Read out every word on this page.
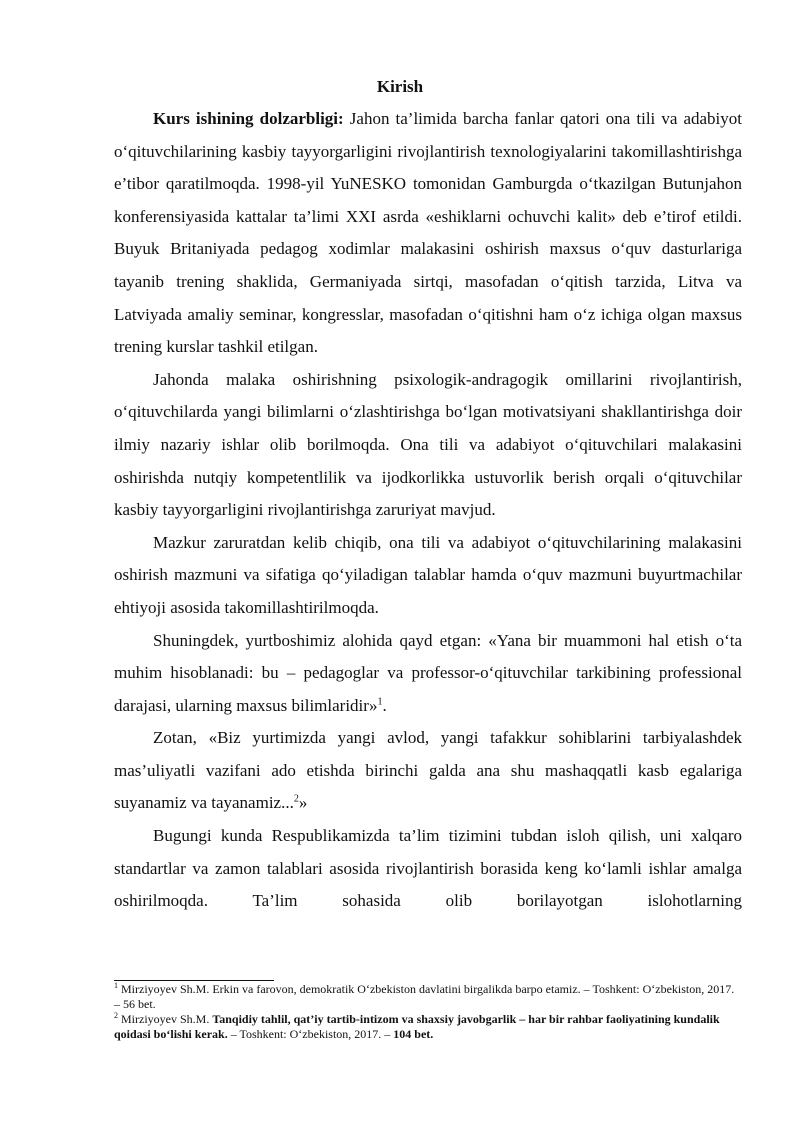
Kirish

Kurs ishining dolzarbligi: Jahon ta’limida barcha fanlar qatori ona tili va adabiyot o‘qituvchilarining kasbiy tayyorgarligini rivojlantirish texnologiyalarini takomillashtirishga e’tibor qaratilmoqda. 1998-yil YuNESKO tomonidan Gamburgda o‘tkazilgan Butunjahon konferensiyasida kattalar ta’limi XXI asrda «eshiklarni ochuvchi kalit» deb e’tirof etildi. Buyuk Britaniyada pedagog xodimlar malakasini oshirish maxsus o‘quv dasturlariga tayanib trening shaklida, Germaniyada sirtqi, masofadan o‘qitish tarzida, Litva va Latviyada amaliy seminar, kongresslar, masofadan o‘qitishni ham o‘z ichiga olgan maxsus trening kurslar tashkil etilgan.

Jahonda malaka oshirishning psixologik-andragogik omillarini rivojlantirish, o‘qituvchilarda yangi bilimlarni o‘zlashtirishga bo‘lgan motivatsiyani shakllantirishga doir ilmiy nazariy ishlar olib borilmoqda. Ona tili va adabiyot o‘qituvchilari malakasini oshirishda nutqiy kompetentlilik va ijodkorlikka ustuvorlik berish orqali o‘qituvchilar kasbiy tayyorgarligini rivojlantirishga zaruriyat mavjud.

Mazkur zaruratdan kelib chiqib, ona tili va adabiyot o‘qituvchilarining malakasini oshirish mazmuni va sifatiga qo‘yiladigan talablar hamda o‘quv mazmuni buyurtmachilar ehtiyoji asosida takomillashtirilmoqda.

Shuningdek, yurtboshimiz alohida qayd etgan: «Yana bir muammoni hal etish o‘ta muhim hisoblanadi: bu – pedagoglar va professor-o‘qituvchilar tarkibining professional darajasi, ularning maxsus bilimlaridir»$^1$.

Zotan, «Biz yurtimizda yangi avlod, yangi tafakkur sohiblarini tarbiyalashdek mas’uliyatli vazifani ado etishda birinchi galda ana shu mashaqqatli kasb egalariga suyanamiz va tayanamiz...$^2$»

Bugungi kunda Respublikamizda ta’lim tizimini tubdan isloh qilish, uni xalqaro standartlar va zamon talablari asosida rivojlantirish borasida keng ko‘lamli ishlar amalga oshirilmoqda. Ta’lim sohasida olib borilayotgan islohotlarning

$^1$ Mirziyoyev Sh.M. Erkin va farovon, demokratik O‘zbekiston davlatini birgalikda barpo etamiz. – Toshkent: O‘zbekiston, 2017. – 56 bet.

$^2$ Mirziyoyev Sh.M. Tanqidiy tahlil, qat’iy tartib-intizom va shaxsiy javobgarlik – har bir rahbar faoliyatining kundalik qoidasi bo‘lishi kerak. – Toshkent: O‘zbekiston, 2017. – 104 bet.
